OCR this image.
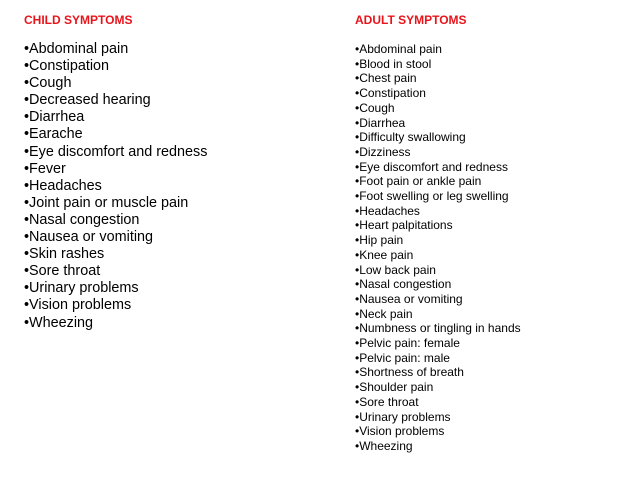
CHILD SYMPTOMS
•Abdominal pain
•Constipation
•Cough
•Decreased hearing
•Diarrhea
•Earache
•Eye discomfort and redness
•Fever
•Headaches
•Joint pain or muscle pain
•Nasal congestion
•Nausea or vomiting
•Skin rashes
•Sore throat
•Urinary problems
•Vision problems
•Wheezing
ADULT SYMPTOMS
•Abdominal pain
•Blood in stool
•Chest pain
•Constipation
•Cough
•Diarrhea
•Difficulty swallowing
•Dizziness
•Eye discomfort and redness
•Foot pain or ankle pain
•Foot swelling or leg swelling
•Headaches
•Heart palpitations
•Hip pain
•Knee pain
•Low back pain
•Nasal congestion
•Nausea or vomiting
•Neck pain
•Numbness or tingling in hands
•Pelvic pain: female
•Pelvic pain: male
•Shortness of breath
•Shoulder pain
•Sore throat
•Urinary problems
•Vision problems
•Wheezing
